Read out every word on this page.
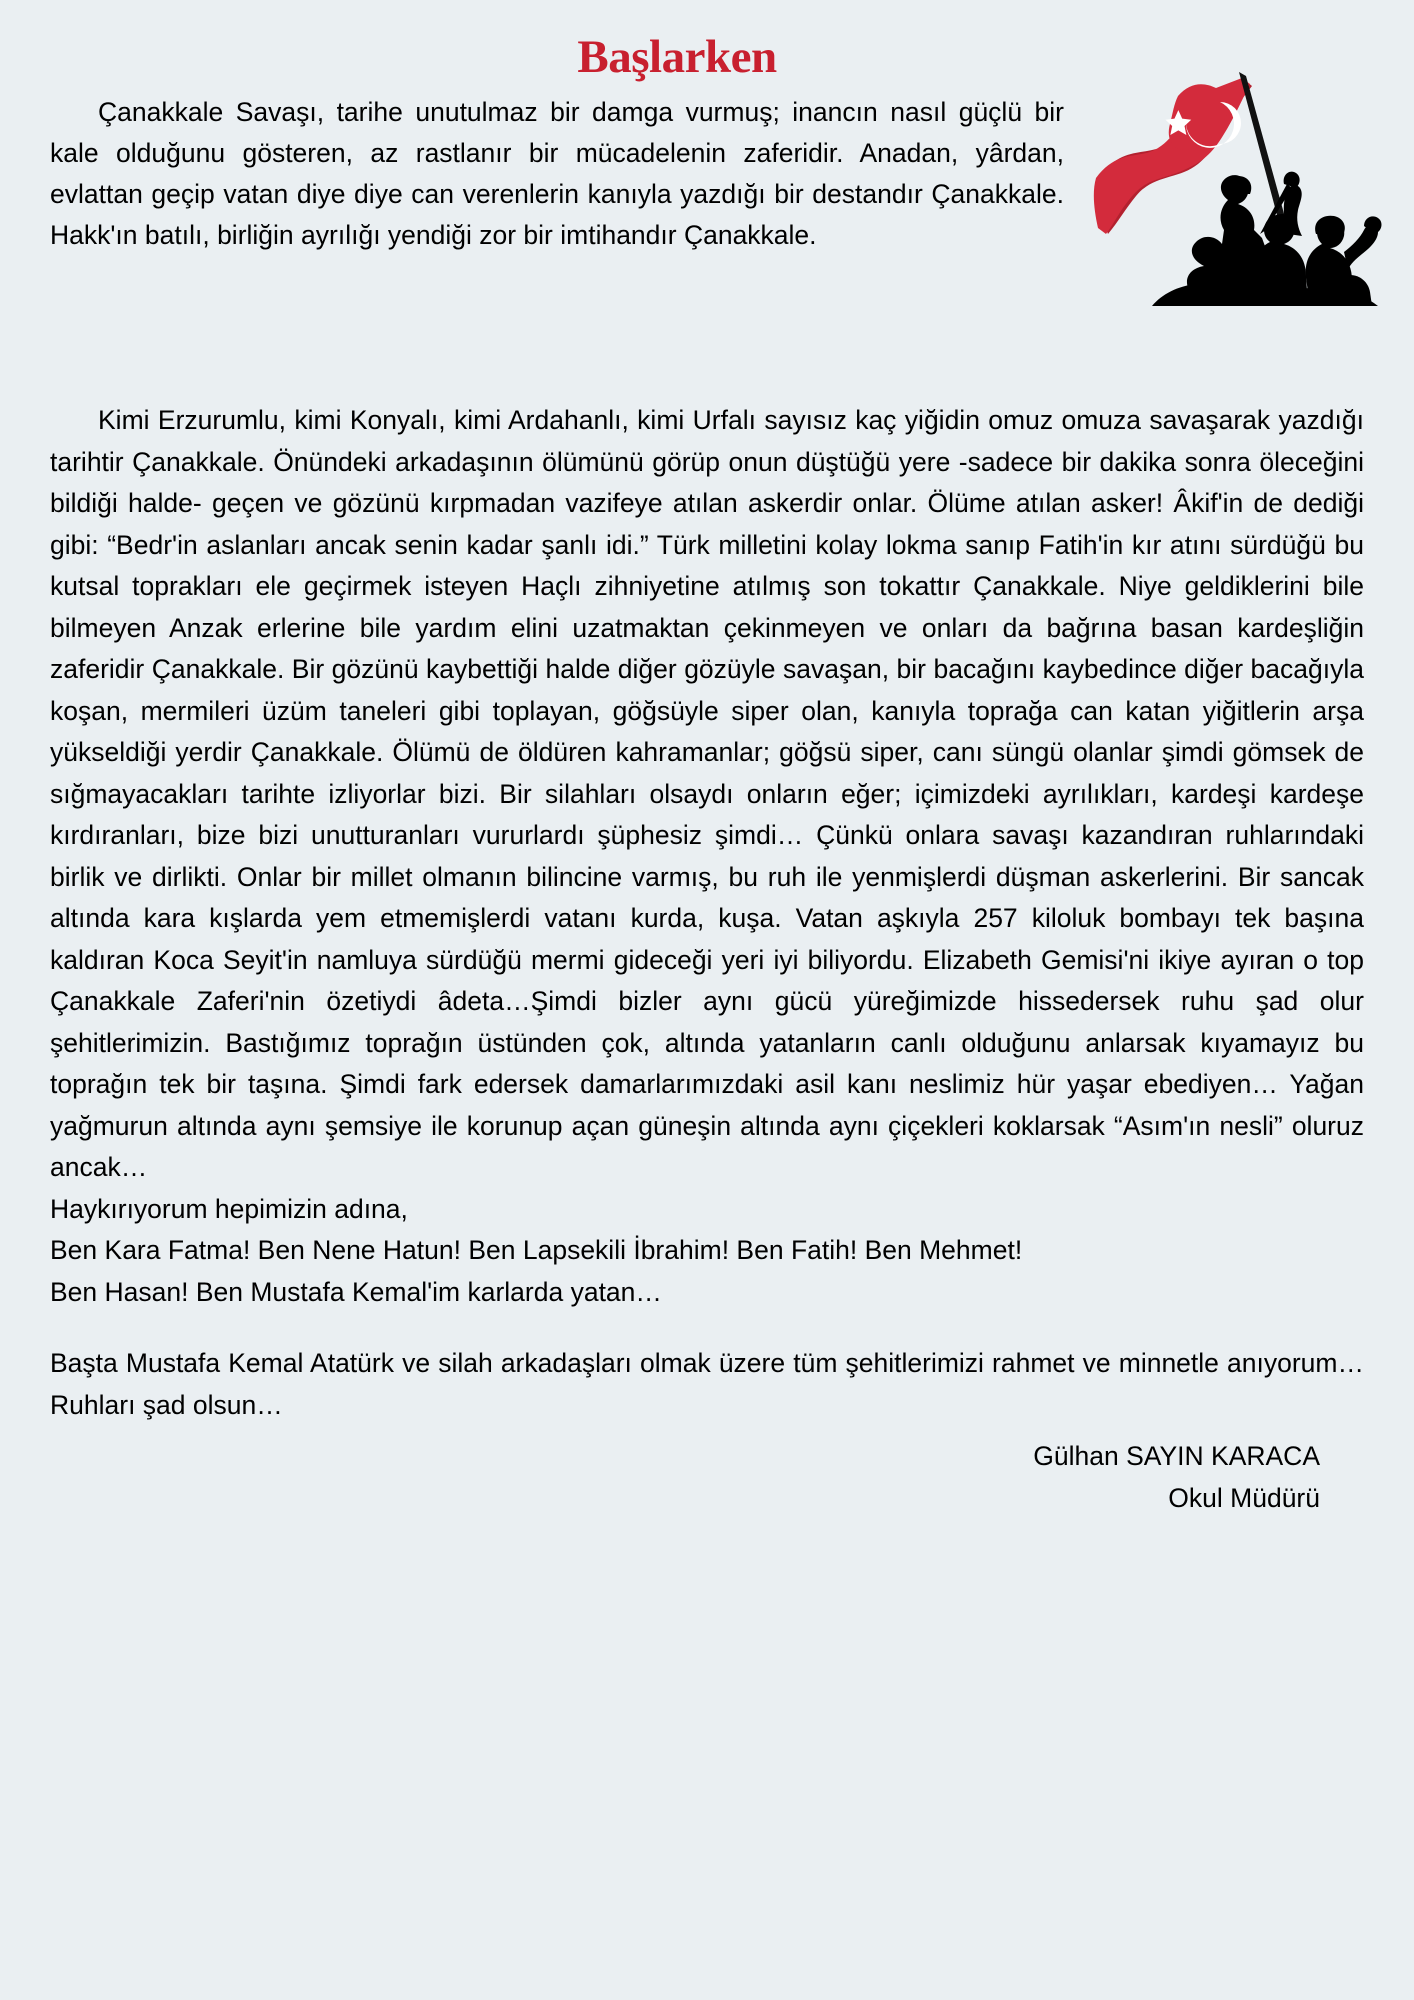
Başlarken

Çanakkale Savaşı, tarihe unutulmaz bir damga vurmuş; inancın nasıl güçlü bir kale olduğunu gösteren, az rastlanır bir mücadelenin zaferidir. Anadan, yârdan, evlattan geçip vatan diye diye can verenlerin kanıyla yazdığı bir destandır Çanakkale. Hakk'ın batılı, birliğin ayrılığı yendiği zor bir imtihandır Çanakkale.

Kimi Erzurumlu, kimi Konyalı, kimi Ardahanlı, kimi Urfalı sayısız kaç yiğidin omuz omuza savaşarak yazdığı tarihtir Çanakkale. Önündeki arkadaşının ölümünü görüp onun düştüğü yere -sadece bir dakika sonra öleceğini bildiği halde- geçen ve gözünü kırpmadan vazifeye atılan askerdir onlar. Ölüme atılan asker! Âkif'in de dediği gibi: “Bedr'in aslanları ancak senin kadar şanlı idi.” Türk milletini kolay lokma sanıp Fatih'in kır atını sürdüğü bu kutsal toprakları ele geçirmek isteyen Haçlı zihniyetine atılmış son tokattır Çanakkale. Niye geldiklerini bile bilmeyen Anzak erlerine bile yardım elini uzatmaktan çekinmeyen ve onları da bağrına basan kardeşliğin zaferidir Çanakkale. Bir gözünü kaybettiği halde diğer gözüyle savaşan, bir bacağını kaybedince diğer bacağıyla koşan, mermileri üzüm taneleri gibi toplayan, göğsüyle siper olan, kanıyla toprağa can katan yiğitlerin arşa yükseldiği yerdir Çanakkale. Ölümü de öldüren kahramanlar; göğsü siper, canı süngü olanlar şimdi gömsek de sığmayacakları tarihte izliyorlar bizi. Bir silahları olsaydı onların eğer; içimizdeki ayrılıkları, kardeşi kardeşe kırdıranları, bize bizi unutturanları vururlardı şüphesiz şimdi… Çünkü onlara savaşı kazandıran ruhlarındaki birlik ve dirlikti. Onlar bir millet olmanın bilincine varmış, bu ruh ile yenmişlerdi düşman askerlerini. Bir sancak altında kara kışlarda yem etmemişlerdi vatanı kurda, kuşa. Vatan aşkıyla 257 kiloluk bombayı tek başına kaldıran Koca Seyit'in namluya sürdüğü mermi gideceği yeri iyi biliyordu. Elizabeth Gemisi'ni ikiye ayıran o top Çanakkale Zaferi'nin özetiydi âdeta…Şimdi bizler aynı gücü yüreğimizde hissedersek ruhu şad olur şehitlerimizin. Bastığımız toprağın üstünden çok, altında yatanların canlı olduğunu anlarsak kıyamayız bu toprağın tek bir taşına. Şimdi fark edersek damarlarımızdaki asil kanı neslimiz hür yaşar ebediyen… Yağan yağmurun altında aynı şemsiye ile korunup açan güneşin altında aynı çiçekleri koklarsak “Asım'ın nesli” oluruz ancak…

Haykırıyorum hepimizin adına,

Ben Kara Fatma! Ben Nene Hatun! Ben Lapsekili İbrahim! Ben Fatih! Ben Mehmet!

Ben Hasan! Ben Mustafa Kemal'im karlarda yatan…

Başta Mustafa Kemal Atatürk ve silah arkadaşları olmak üzere tüm şehitlerimizi rahmet ve minnetle anıyorum…Ruhları şad olsun…

Gülhan SAYIN KARACA
Okul Müdürü
